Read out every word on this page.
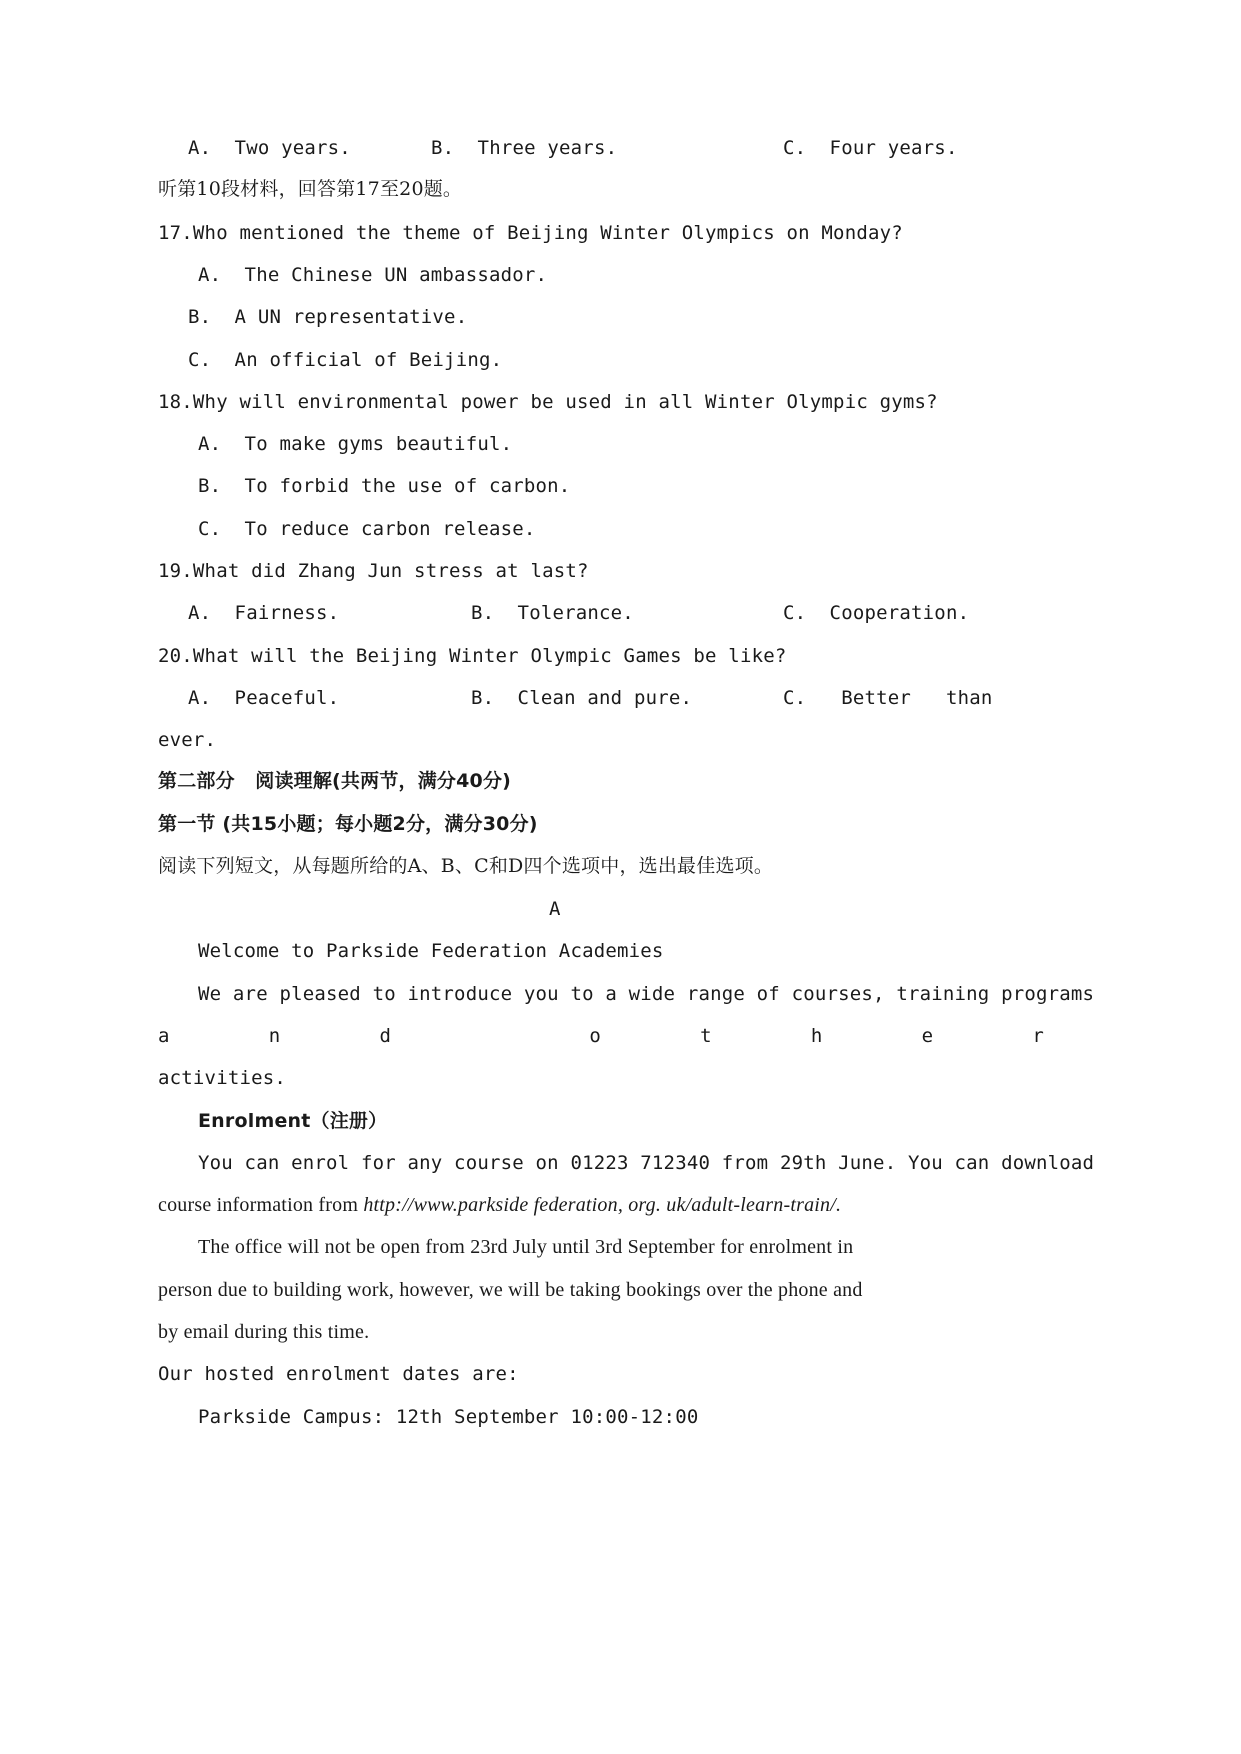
A.  Two years.	B.  Three years.	C.  Four years.
听第10段材料，回答第17至20题。
17.Who mentioned the theme of Beijing Winter Olympics on Monday?
A.  The Chinese UN ambassador.
B.  A UN representative.
C.  An official of Beijing.
18.Why will environmental power be used in all Winter Olympic gyms?
A.  To make gyms beautiful.
B.  To forbid the use of carbon.
C.  To reduce carbon release.
19.What did Zhang Jun stress at last?
A.  Fairness.	B.  Tolerance.	C.  Cooperation.
20.What will the Beijing Winter Olympic Games be like?
A.  Peaceful.	B.  Clean and pure.	C.   Better   than
ever.
第二部分   阅读理解(共两节，满分40分)
第一节 (共15小题；每小题2分，满分30分)
阅读下列短文，从每题所给的A、B、C和D四个选项中，选出最佳选项。
A
Welcome to Parkside Federation Academies
We are pleased to introduce you to a wide range of courses, training programs
a	n	d	o	t	h	e	r
activities.
Enrolment（注册）
You can enrol for any course on 01223 712340 from 29th June. You can download
course information from http://www.parkside federation, org. uk/adult-learn-train/.
The office will not be open from 23rd July until 3rd September for enrolment in
person due to building work, however, we will be taking bookings over the phone and
by email during this time.
Our hosted enrolment dates are:
Parkside Campus: 12th September 10:00-12:00
